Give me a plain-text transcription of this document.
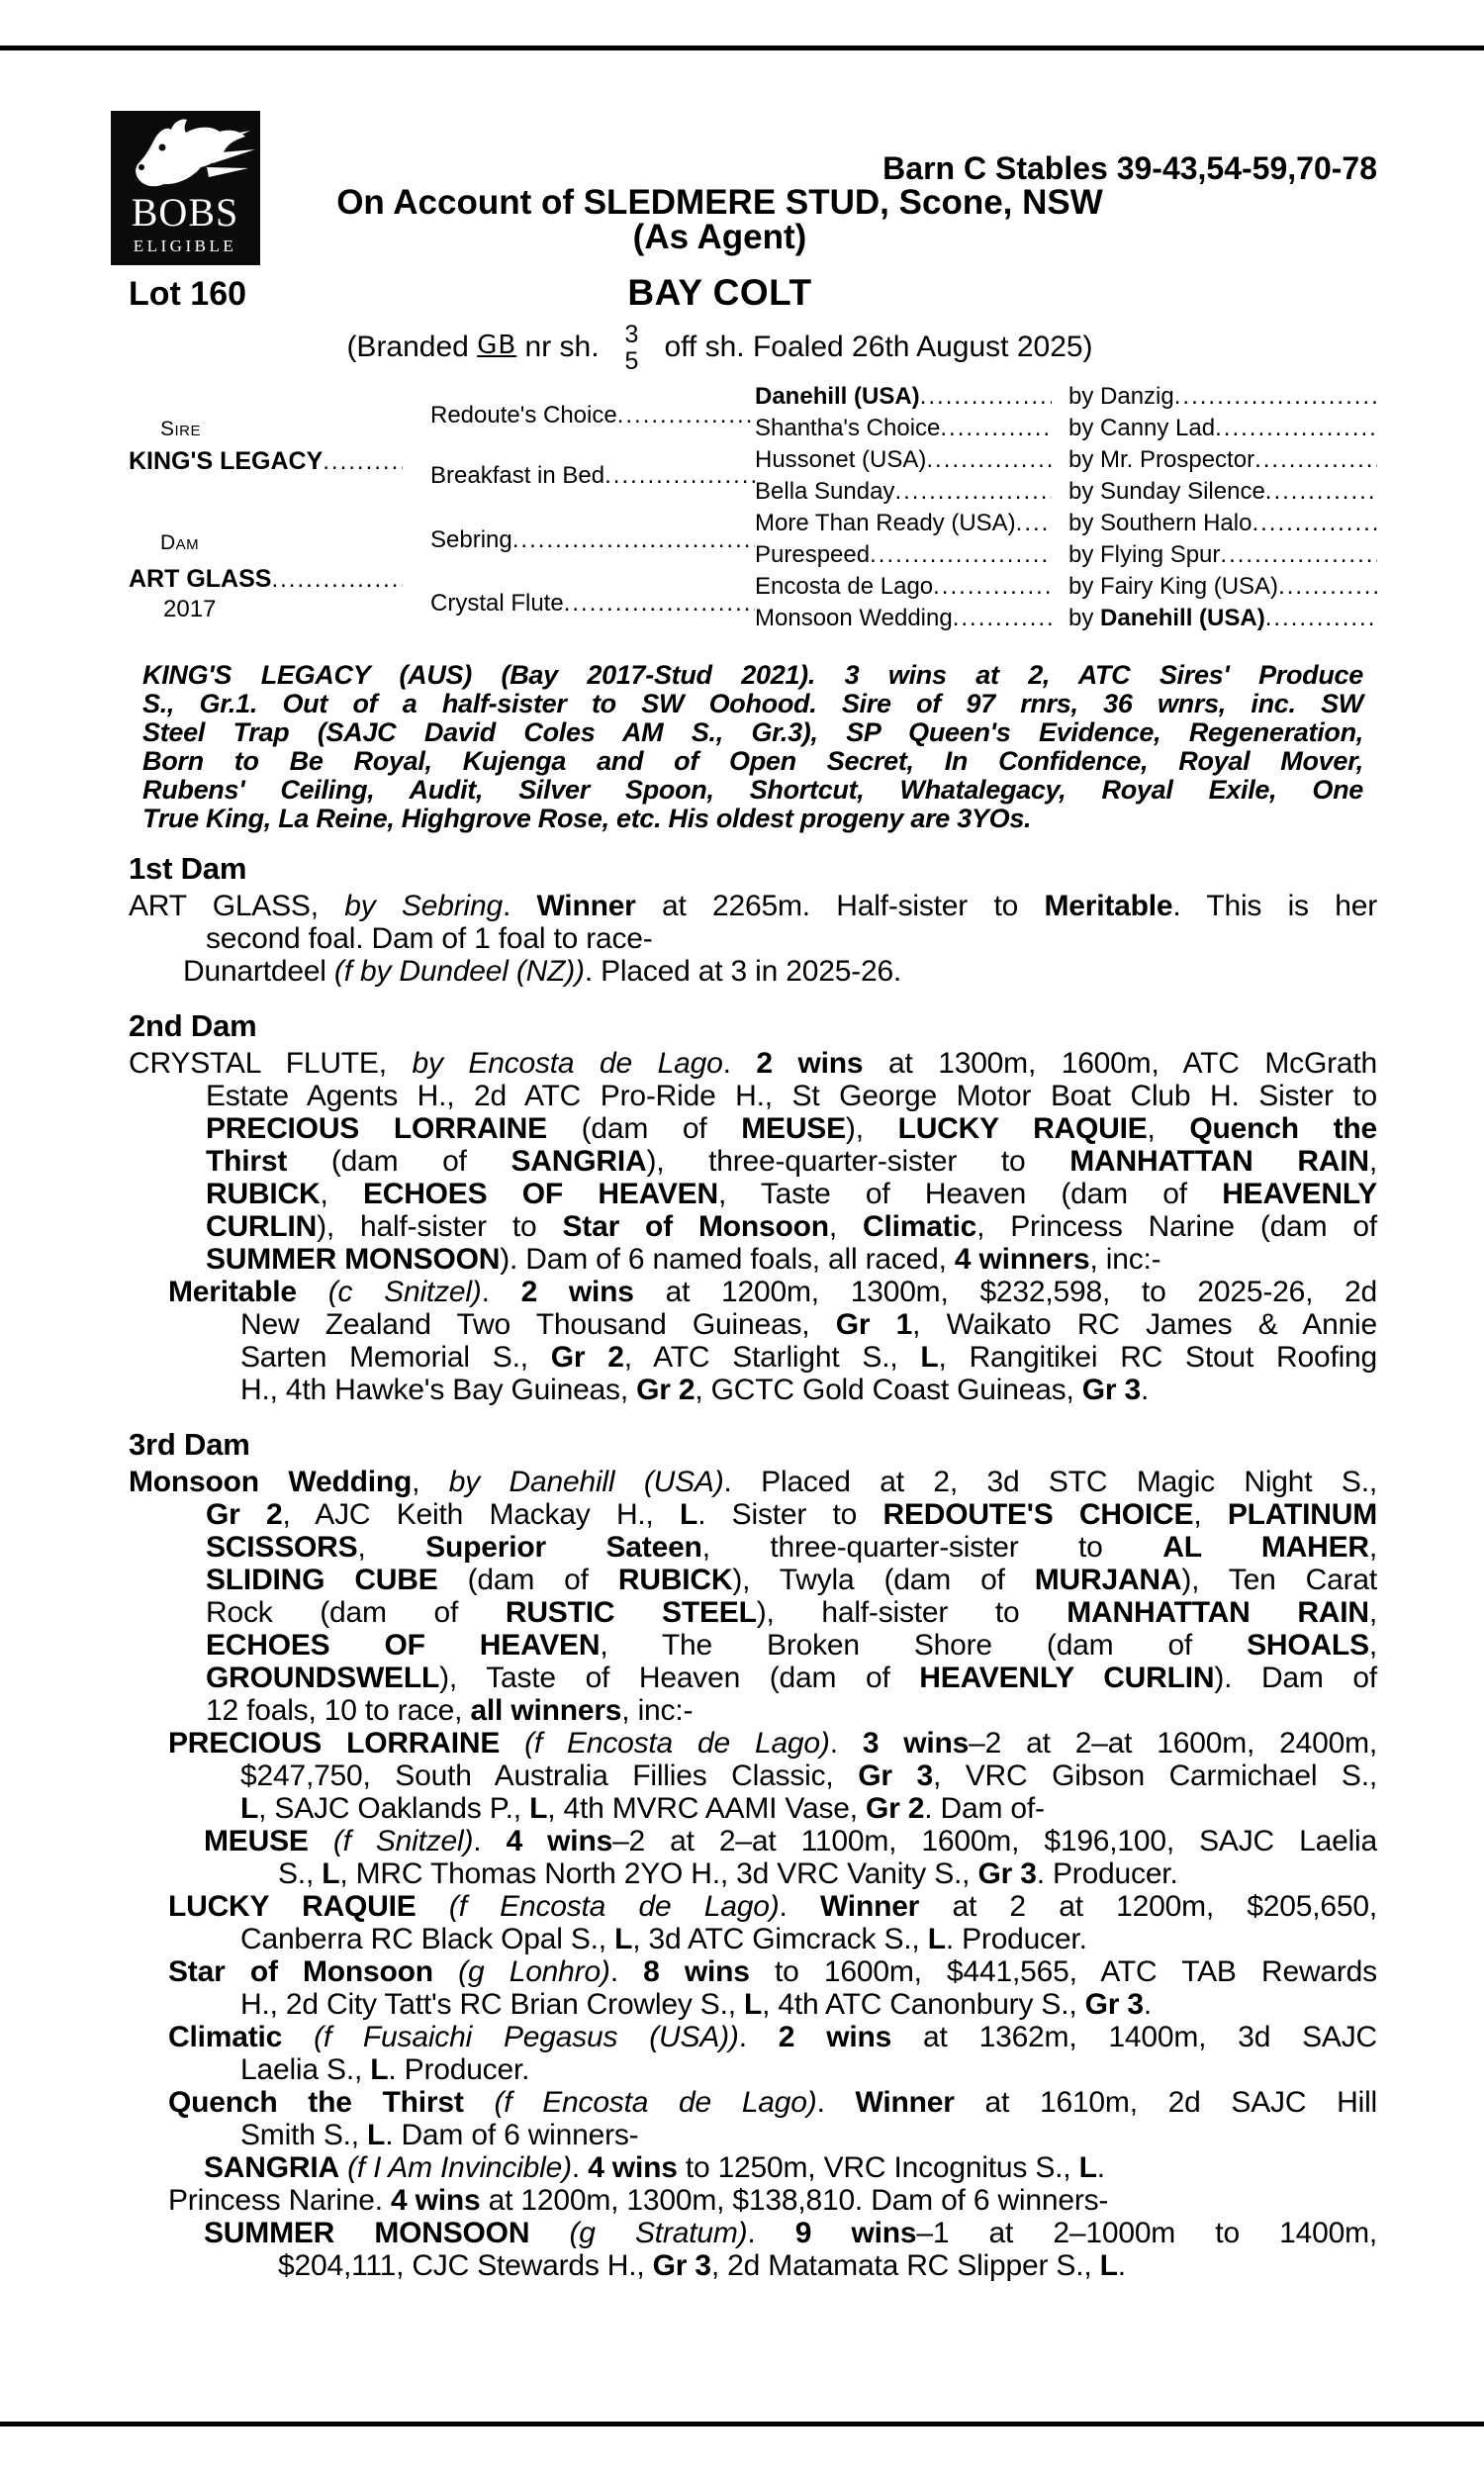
BOBS
ELIGIBLE
Barn C Stables 39-43,54-59,70-78
On Account of SLEDMERE STUD, Scone, NSW
(As Agent)
Lot 160	BAY COLT
(Branded GB nr sh. 3
5 off sh. Foaled 26th August 2025)
Sire
KING'S LEGACY
.....
Dam
ART GLASS
.....
2017
Redoute's Choice
.....
Breakfast in Bed
.....
Sebring
.....
Crystal Flute
.....
Danehill (USA)
.....
Shantha's Choice
.....
Hussonet (USA)
.....
Bella Sunday
.....
More Than Ready (USA)
.....
Purespeed
.....
Encosta de Lago
.....
Monsoon Wedding
.....
by Danzig
.....
by Canny Lad
.....
by Mr. Prospector
.....
by Sunday Silence
.....
by Southern Halo
.....
by Flying Spur
.....
by Fairy King (USA)
.....
by Danehill (USA)
.....
KING'S LEGACY (AUS) (Bay 2017-Stud 2021). 3 wins at 2, ATC Sires' Produce
S., Gr.1. Out of a half-sister to SW Oohood. Sire of 97 rnrs, 36 wnrs, inc. SW
Steel Trap (SAJC David Coles AM S., Gr.3), SP Queen's Evidence, Regeneration,
Born to Be Royal, Kujenga and of Open Secret, In Confidence, Royal Mover,
Rubens' Ceiling, Audit, Silver Spoon, Shortcut, Whatalegacy, Royal Exile, One
True King, La Reine, Highgrove Rose, etc. His oldest progeny are 3YOs.
1st Dam
ART GLASS, by Sebring. Winner at 2265m. Half-sister to Meritable. This is her
second foal. Dam of 1 foal to race-
Dunartdeel (f by Dundeel (NZ)). Placed at 3 in 2025-26.
2nd Dam
CRYSTAL FLUTE, by Encosta de Lago. 2 wins at 1300m, 1600m, ATC McGrath
Estate Agents H., 2d ATC Pro-Ride H., St George Motor Boat Club H. Sister to
PRECIOUS LORRAINE (dam of MEUSE), LUCKY RAQUIE, Quench the
Thirst (dam of SANGRIA), three-quarter-sister to MANHATTAN RAIN,
RUBICK, ECHOES OF HEAVEN, Taste of Heaven (dam of HEAVENLY
CURLIN), half-sister to Star of Monsoon, Climatic, Princess Narine (dam of
SUMMER MONSOON). Dam of 6 named foals, all raced, 4 winners, inc:-
Meritable (c Snitzel). 2 wins at 1200m, 1300m, $232,598, to 2025-26, 2d
New Zealand Two Thousand Guineas, Gr 1, Waikato RC James & Annie
Sarten Memorial S., Gr 2, ATC Starlight S., L, Rangitikei RC Stout Roofing
H., 4th Hawke's Bay Guineas, Gr 2, GCTC Gold Coast Guineas, Gr 3.
3rd Dam
Monsoon Wedding, by Danehill (USA). Placed at 2, 3d STC Magic Night S.,
Gr 2, AJC Keith Mackay H., L. Sister to REDOUTE'S CHOICE, PLATINUM
SCISSORS, Superior Sateen, three-quarter-sister to AL MAHER,
SLIDING CUBE (dam of RUBICK), Twyla (dam of MURJANA), Ten Carat
Rock (dam of RUSTIC STEEL), half-sister to MANHATTAN RAIN,
ECHOES OF HEAVEN, The Broken Shore (dam of SHOALS,
GROUNDSWELL), Taste of Heaven (dam of HEAVENLY CURLIN). Dam of
12 foals, 10 to race, all winners, inc:-
PRECIOUS LORRAINE (f Encosta de Lago). 3 wins–2 at 2–at 1600m, 2400m,
$247,750, South Australia Fillies Classic, Gr 3, VRC Gibson Carmichael S.,
L, SAJC Oaklands P., L, 4th MVRC AAMI Vase, Gr 2. Dam of-
MEUSE (f Snitzel). 4 wins–2 at 2–at 1100m, 1600m, $196,100, SAJC Laelia
S., L, MRC Thomas North 2YO H., 3d VRC Vanity S., Gr 3. Producer.
LUCKY RAQUIE (f Encosta de Lago). Winner at 2 at 1200m, $205,650,
Canberra RC Black Opal S., L, 3d ATC Gimcrack S., L. Producer.
Star of Monsoon (g Lonhro). 8 wins to 1600m, $441,565, ATC TAB Rewards
H., 2d City Tatt's RC Brian Crowley S., L, 4th ATC Canonbury S., Gr 3.
Climatic (f Fusaichi Pegasus (USA)). 2 wins at 1362m, 1400m, 3d SAJC
Laelia S., L. Producer.
Quench the Thirst (f Encosta de Lago). Winner at 1610m, 2d SAJC Hill
Smith S., L. Dam of 6 winners-
SANGRIA (f I Am Invincible). 4 wins to 1250m, VRC Incognitus S., L.
Princess Narine. 4 wins at 1200m, 1300m, $138,810. Dam of 6 winners-
SUMMER MONSOON (g Stratum). 9 wins–1 at 2–1000m to 1400m,
$204,111, CJC Stewards H., Gr 3, 2d Matamata RC Slipper S., L.
